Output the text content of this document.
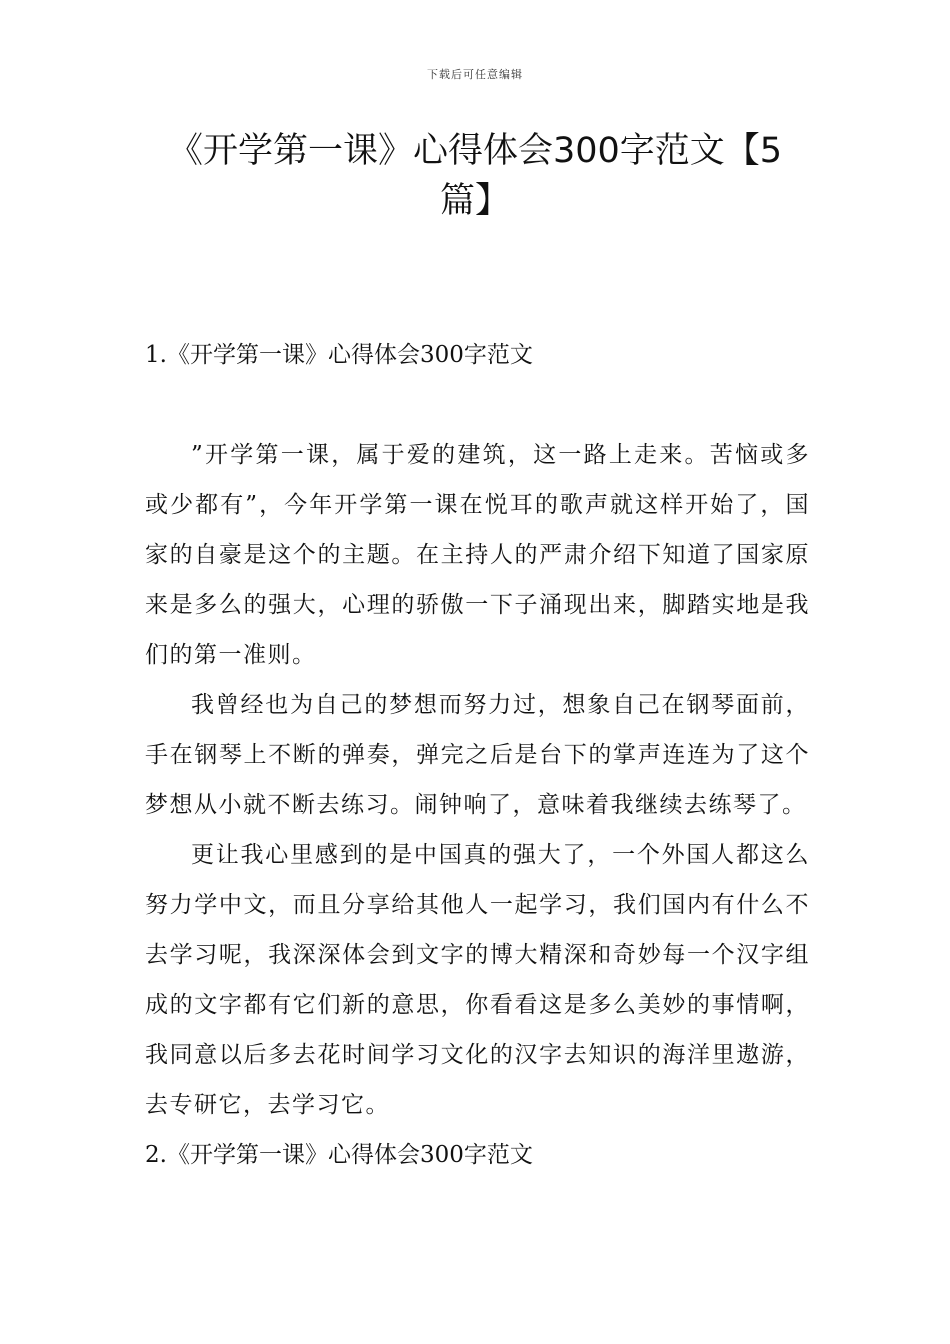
下载后可任意编辑
《开学第一课》心得体会300字范文【5篇】
1.《开学第一课》心得体会300字范文

”开学第一课，属于爱的建筑，这一路上走来。苦恼或多或少都有”，今年开学第一课在悦耳的歌声就这样开始了，国家的自豪是这个的主题。在主持人的严肃介绍下知道了国家原来是多么的强大，心理的骄傲一下子涌现出来，脚踏实地是我们的第一准则。

我曾经也为自己的梦想而努力过，想象自己在钢琴面前，手在钢琴上不断的弹奏，弹完之后是台下的掌声连连为了这个梦想从小就不断去练习。闹钟响了，意味着我继续去练琴了。

更让我心里感到的是中国真的强大了，一个外国人都这么努力学中文，而且分享给其他人一起学习，我们国内有什么不去学习呢，我深深体会到文字的博大精深和奇妙每一个汉字组成的文字都有它们新的意思，你看看这是多么美妙的事情啊，我同意以后多去花时间学习文化的汉字去知识的海洋里遨游，去专研它，去学习它。

2.《开学第一课》心得体会300字范文
